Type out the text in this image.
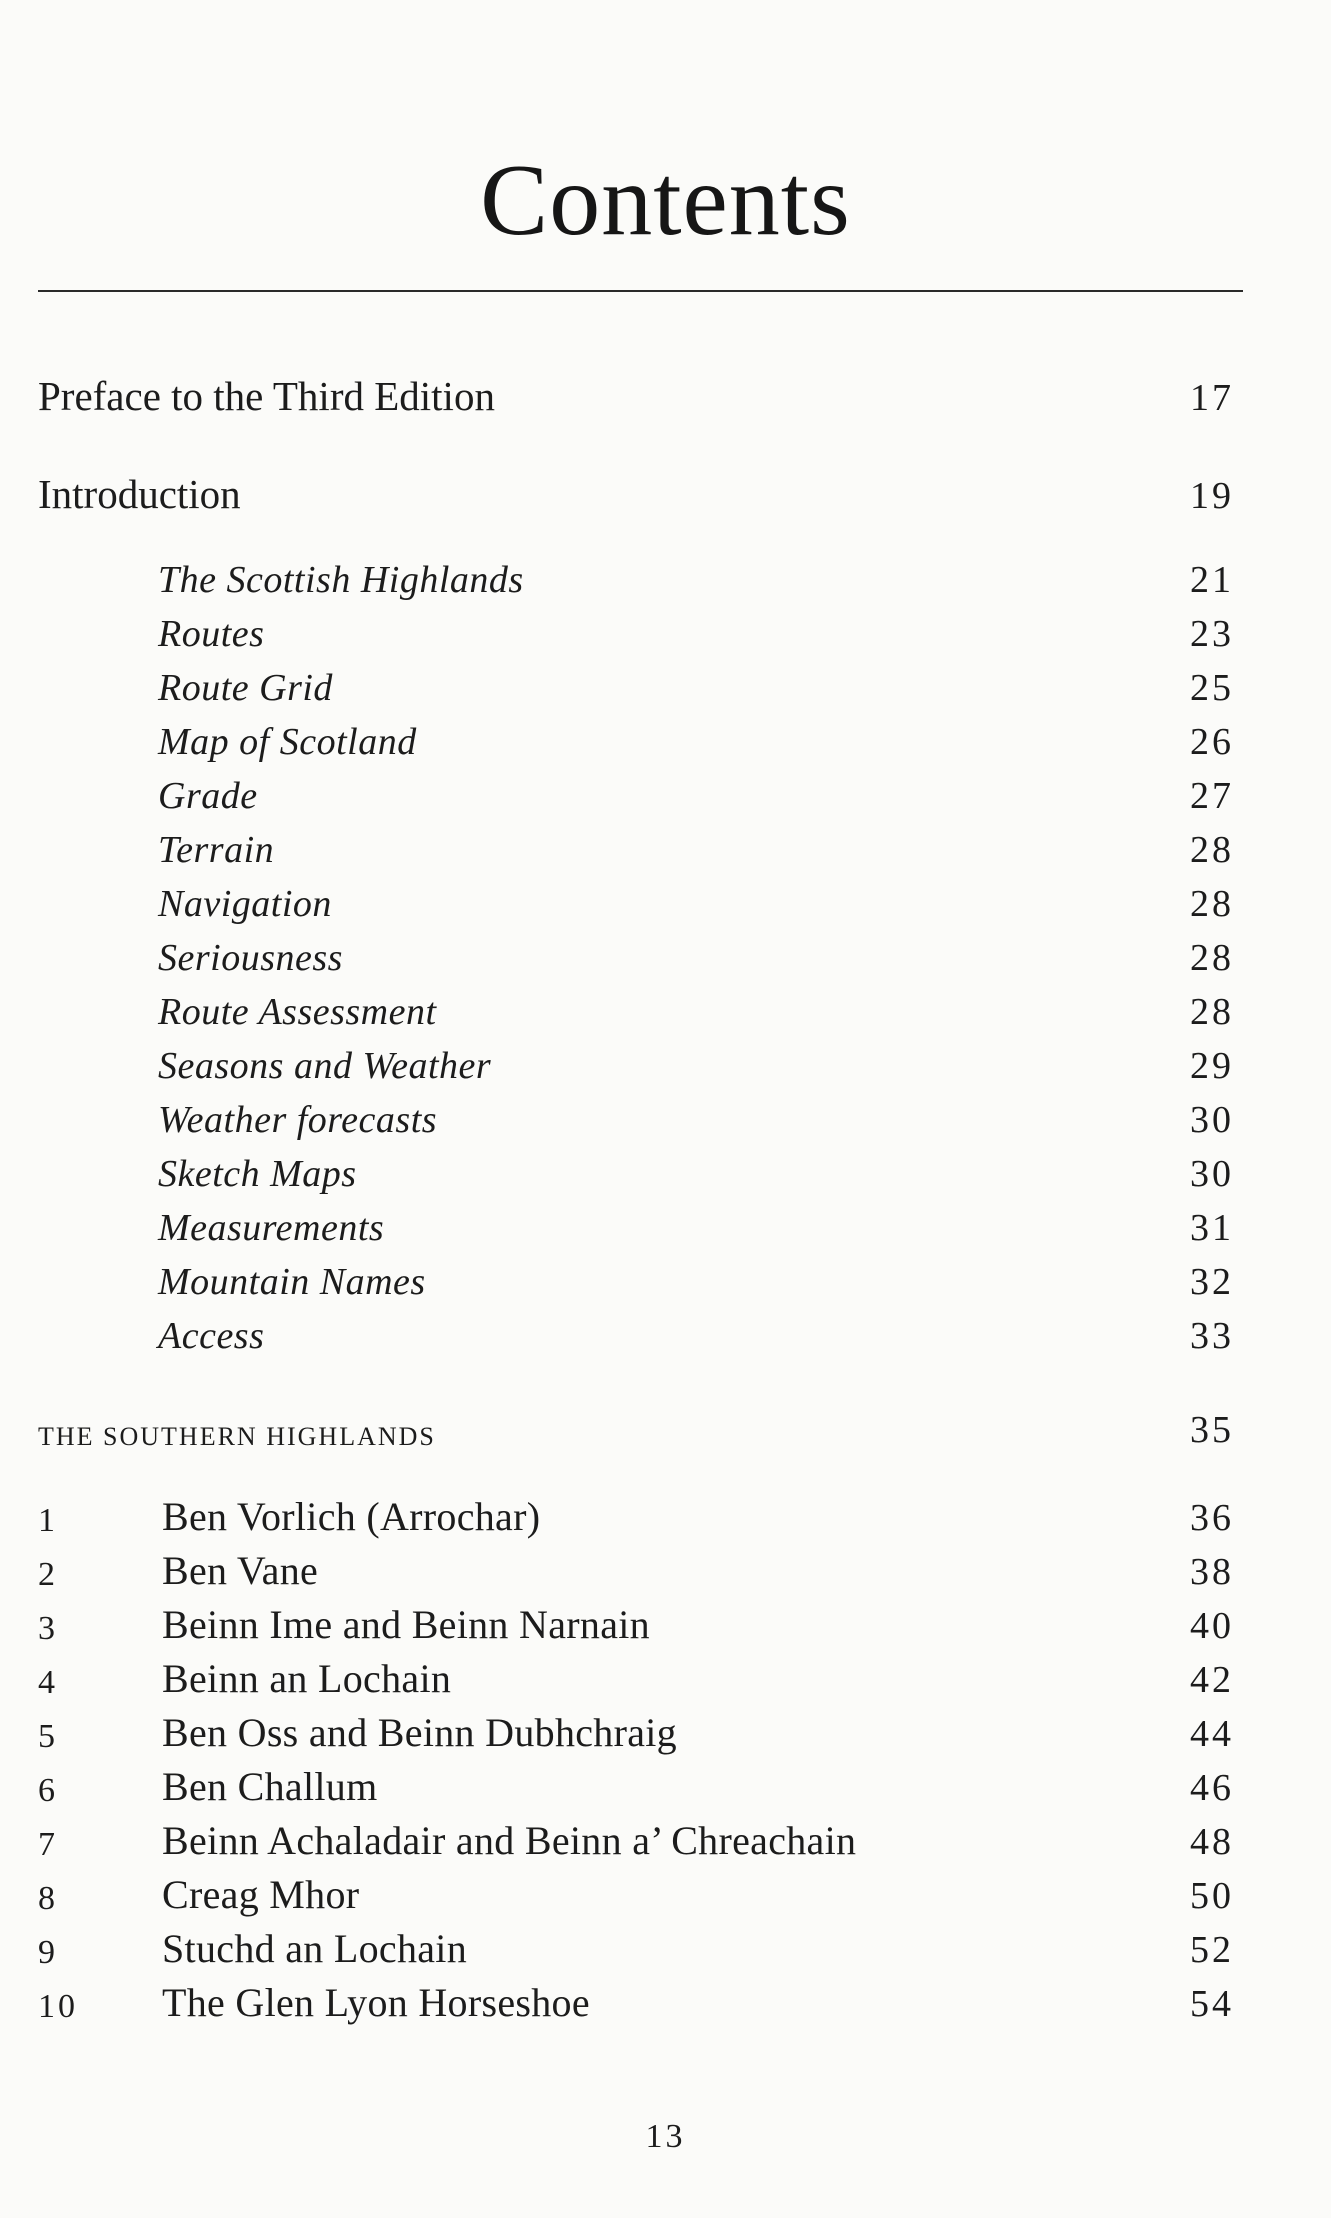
Contents
Preface to the Third Edition	17
Introduction	19
The Scottish Highlands	21
Routes	23
Route Grid	25
Map of Scotland	26
Grade	27
Terrain	28
Navigation	28
Seriousness	28
Route Assessment	28
Seasons and Weather	29
Weather forecasts	30
Sketch Maps	30
Measurements	31
Mountain Names	32
Access	33
THE SOUTHERN HIGHLANDS	35
1	Ben Vorlich (Arrochar)	36
2	Ben Vane	38
3	Beinn Ime and Beinn Narnain	40
4	Beinn an Lochain	42
5	Ben Oss and Beinn Dubhchraig	44
6	Ben Challum	46
7	Beinn Achaladair and Beinn a’ Chreachain	48
8	Creag Mhor	50
9	Stuchd an Lochain	52
10 The Glen Lyon Horseshoe	54
13
